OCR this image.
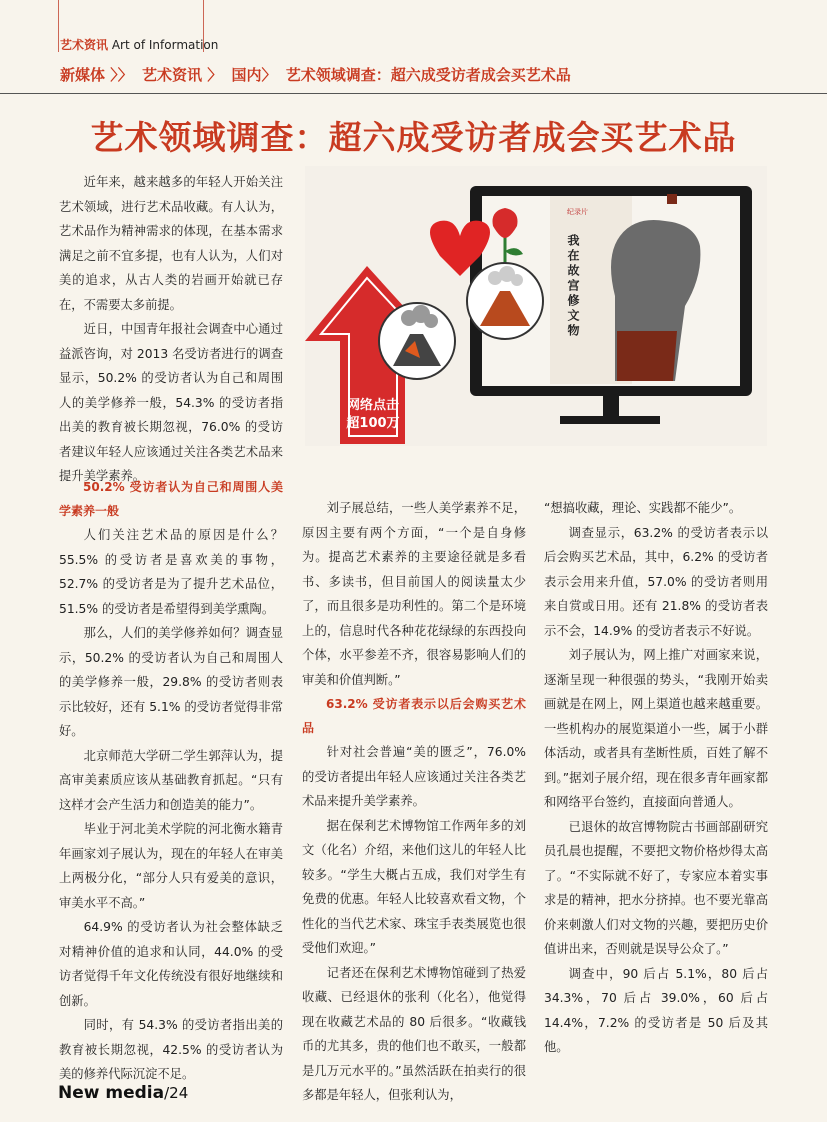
艺术资讯 Art of Information
新媒体 〉〉 艺术资讯 〉 国内〉 艺术领域调查：超六成受访者成会买艺术品
艺术领域调查：超六成受访者成会买艺术品
纪录片
我在故宫修文物
网络点击
超100万

近年来，越来越多的年轻人开始关注艺术领域，进行艺术品收藏。有人认为，艺术品作为精神需求的体现，在基本需求满足之前不宜多提，也有人认为，人们对美的追求，从古人类的岩画开始就已存在，不需要太多前提。

近日，中国青年报社会调查中心通过益派咨询，对 2013 名受访者进行的调查显示，50.2% 的受访者认为自己和周围人的美学修养一般，54.3% 的受访者指出美的教育被长期忽视，76.0% 的受访者建议年轻人应该通过关注各类艺术品来提升美学素养。

50.2% 受访者认为自己和周围人美学素养一般

人们关注艺术品的原因是什么？55.5% 的受访者是喜欢美的事物，52.7% 的受访者是为了提升艺术品位，51.5% 的受访者是希望得到美学熏陶。

那么，人们的美学修养如何？调查显示，50.2% 的受访者认为自己和周围人的美学修养一般，29.8% 的受访者则表示比较好，还有 5.1% 的受访者觉得非常好。

北京师范大学研二学生郭萍认为，提高审美素质应该从基础教育抓起。“只有这样才会产生活力和创造美的能力”。

毕业于河北美术学院的河北衡水籍青年画家刘子展认为，现在的年轻人在审美上两极分化，“部分人只有爱美的意识，审美水平不高。”

64.9% 的受访者认为社会整体缺乏对精神价值的追求和认同，44.0% 的受访者觉得千年文化传统没有很好地继续和创新。

同时，有 54.3% 的受访者指出美的教育被长期忽视，42.5% 的受访者认为美的修养代际沉淀不足。

刘子展总结，一些人美学素养不足，原因主要有两个方面，“一个是自身修为。提高艺术素养的主要途径就是多看书、多读书，但目前国人的阅读量太少了，而且很多是功利性的。第二个是环境上的，信息时代各种花花绿绿的东西投向个体，水平参差不齐，很容易影响人们的审美和价值判断。”

63.2% 受访者表示以后会购买艺术品

针对社会普遍“美的匮乏”，76.0% 的受访者提出年轻人应该通过关注各类艺术品来提升美学素养。

据在保利艺术博物馆工作两年多的刘文（化名）介绍，来他们这儿的年轻人比较多。“学生大概占五成，我们对学生有免费的优惠。年轻人比较喜欢看文物，个性化的当代艺术家、珠宝手表类展览也很受他们欢迎。”

记者还在保利艺术博物馆碰到了热爱收藏、已经退休的张利（化名），他觉得现在收藏艺术品的 80 后很多。“收藏钱币的尤其多，贵的他们也不敢买，一般都是几万元水平的。”虽然活跃在拍卖行的很多都是年轻人，但张利认为，

“想搞收藏，理论、实践都不能少”。

调查显示，63.2% 的受访者表示以后会购买艺术品，其中，6.2% 的受访者表示会用来升值，57.0% 的受访者则用来自赏或日用。还有 21.8% 的受访者表示不会，14.9% 的受访者表示不好说。

刘子展认为，网上推广对画家来说，逐渐呈现一种很强的势头，“我刚开始卖画就是在网上，网上渠道也越来越重要。一些机构办的展览渠道小一些，属于小群体活动，或者具有垄断性质，百姓了解不到。”据刘子展介绍，现在很多青年画家都和网络平台签约，直接面向普通人。

已退休的故宫博物院古书画部副研究员孔晨也提醒，不要把文物价格炒得太高了。“不实际就不好了，专家应本着实事求是的精神，把水分挤掉。也不要光靠高价来刺激人们对文物的兴趣，要把历史价值讲出来，否则就是误导公众了。”

调查中，90 后占 5.1%，80 后占 34.3%，70 后占 39.0%，60 后占 14.4%，7.2% 的受访者是 50 后及其他。

New media/24
